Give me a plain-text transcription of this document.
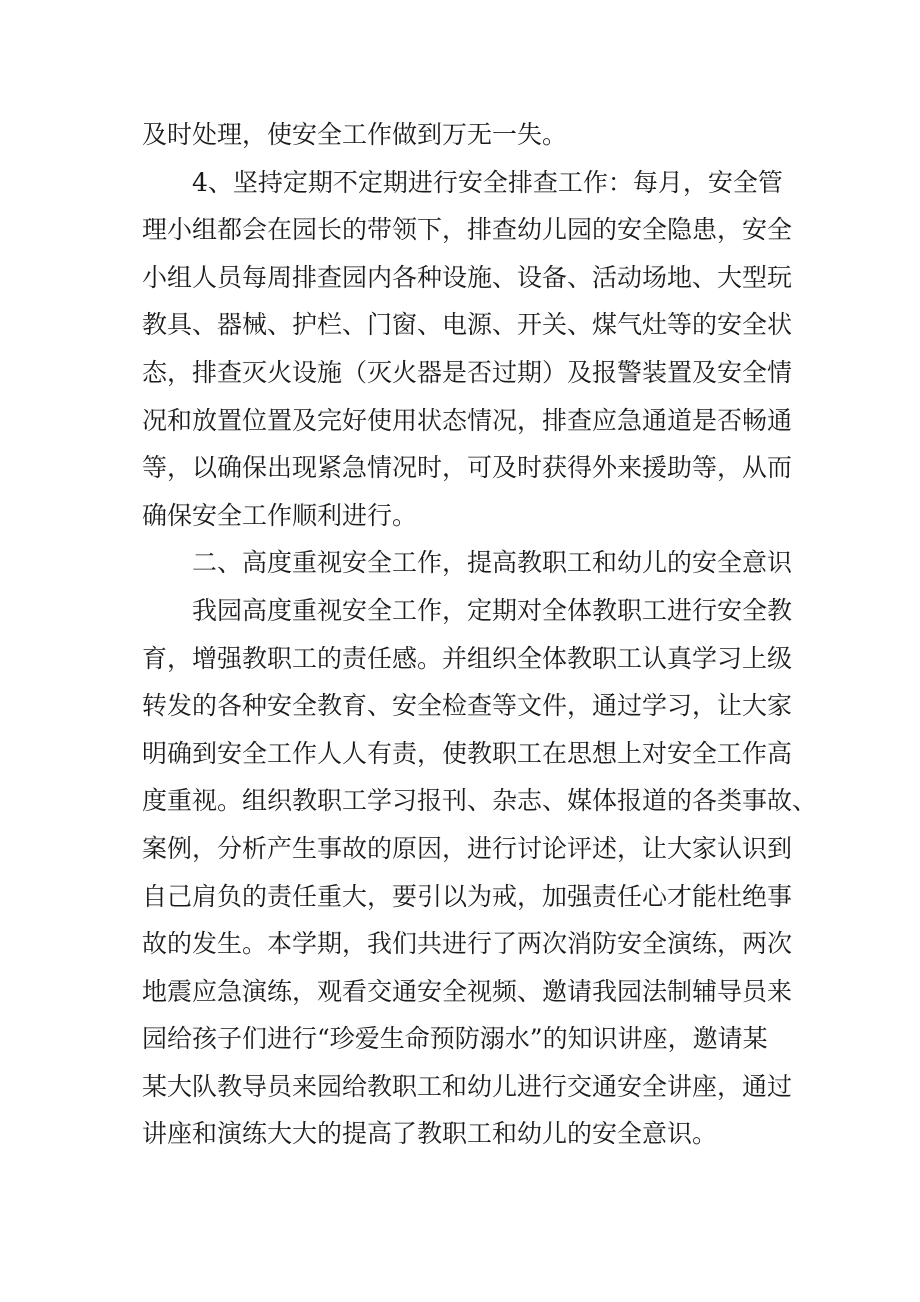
及时处理，使安全工作做到万无一失。
4、坚持定期不定期进行安全排查工作：每月，安全管
理小组都会在园长的带领下，排查幼儿园的安全隐患，安全
小组人员每周排查园内各种设施、设备、活动场地、大型玩
教具、器械、护栏、门窗、电源、开关、煤气灶等的安全状
态，排查灭火设施（灭火器是否过期）及报警装置及安全情
况和放置位置及完好使用状态情况，排查应急通道是否畅通
等，以确保出现紧急情况时，可及时获得外来援助等，从而
确保安全工作顺利进行。
二、高度重视安全工作，提高教职工和幼儿的安全意识
我园高度重视安全工作，定期对全体教职工进行安全教
育，增强教职工的责任感。并组织全体教职工认真学习上级
转发的各种安全教育、安全检查等文件，通过学习，让大家
明确到安全工作人人有责，使教职工在思想上对安全工作高
度重视。组织教职工学习报刊、杂志、媒体报道的各类事故、
案例，分析产生事故的原因，进行讨论评述，让大家认识到
自己肩负的责任重大，要引以为戒，加强责任心才能杜绝事
故的发生。本学期，我们共进行了两次消防安全演练，两次
地震应急演练，观看交通安全视频、邀请我园法制辅导员来
园给孩子们进行“珍爱生命预防溺水”的知识讲座，邀请某
某大队教导员来园给教职工和幼儿进行交通安全讲座，通过
讲座和演练大大的提高了教职工和幼儿的安全意识。
